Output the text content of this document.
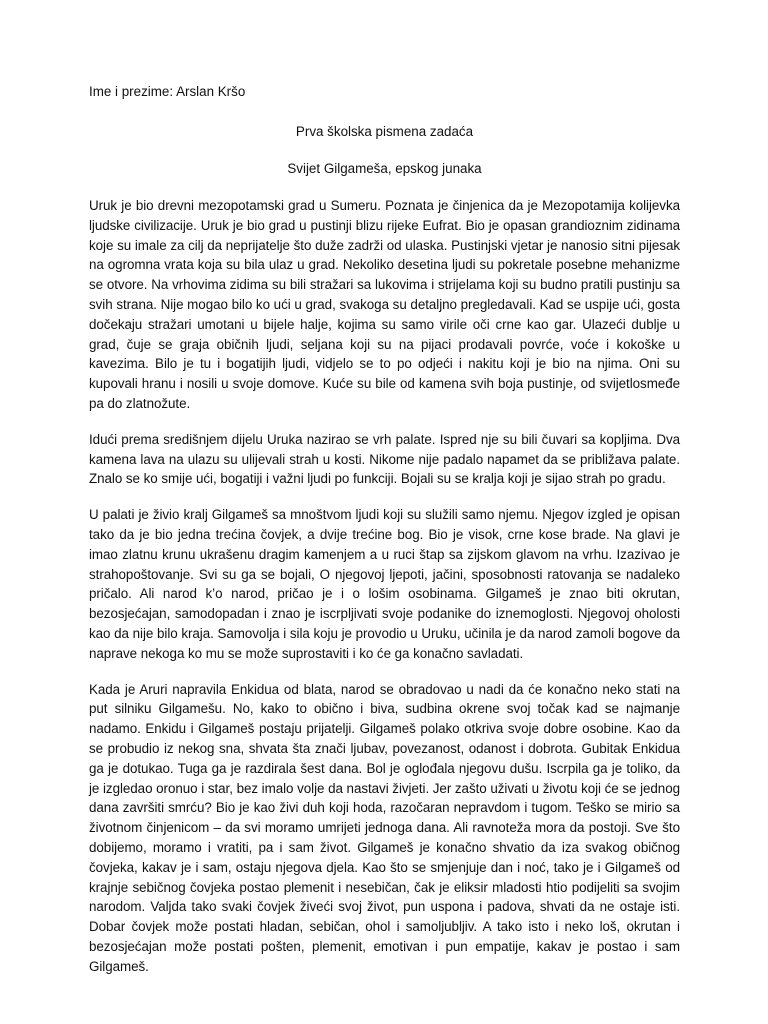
Ime i prezime: Arslan Kršo
Prva školska pismena zadaća
Svijet Gilgameša, epskog junaka

Uruk je bio drevni mezopotamski grad u Sumeru. Poznata je činjenica da je Mezopotamija kolijevka ljudske civilizacije. Uruk je bio grad u pustinji blizu rijeke Eufrat. Bio je opasan grandioznim zidinama koje su imale za cilj da neprijatelje što duže zadrži od ulaska. Pustinjski vjetar je nanosio sitni pijesak na ogromna vrata koja su bila ulaz u grad. Nekoliko desetina ljudi su pokretale posebne mehanizme se otvore. Na vrhovima zidima su bili stražari sa lukovima i strijelama koji su budno pratili pustinju sa svih strana. Nije mogao bilo ko ući u grad, svakoga su detaljno pregledavali. Kad se uspije ući, gosta dočekaju stražari umotani u bijele halje, kojima su samo virile oči crne kao gar. Ulazeći dublje u grad, čuje se graja običnih ljudi, seljana koji su na pijaci prodavali povrće, voće i kokoške u kavezima. Bilo je tu i bogatijih ljudi, vidjelo se to po odjeći i nakitu koji je bio na njima. Oni su kupovali hranu i nosili u svoje domove. Kuće su bile od kamena svih boja pustinje, od svijetlosmeđe pa do zlatnožute.

Idući prema središnjem dijelu Uruka nazirao se vrh palate. Ispred nje su bili čuvari sa kopljima. Dva kamena lava na ulazu su ulijevali strah u kosti. Nikome nije padalo napamet da se približava palate. Znalo se ko smije ući, bogatiji i važni ljudi po funkciji. Bojali su se kralja koji je sijao strah po gradu.

U palati je živio kralj Gilgameš sa mnoštvom ljudi koji su služili samo njemu. Njegov izgled je opisan tako da je bio jedna trećina čovjek, a dvije trećine bog. Bio je visok, crne kose brade. Na glavi je imao zlatnu krunu ukrašenu dragim kamenjem a u ruci štap sa zijskom glavom na vrhu. Izazivao je strahopoštovanje. Svi su ga se bojali, O njegovoj ljepoti, jačini, sposobnosti ratovanja se nadaleko pričalo. Ali narod k’o narod, pričao je i o lošim osobinama. Gilgameš je znao biti okrutan, bezosjećajan, samodopadan i znao je iscrpljivati svoje podanike do iznemoglosti. Njegovoj oholosti kao da nije bilo kraja. Samovolja i sila koju je provodio u Uruku, učinila je da narod zamoli bogove da naprave nekoga ko mu se može suprostaviti i ko će ga konačno savladati.

Kada je Aruri napravila Enkidua od blata, narod se obradovao u nadi da će konačno neko stati na put silniku Gilgamešu. No, kako to obično i biva, sudbina okrene svoj točak kad se najmanje nadamo. Enkidu i Gilgameš postaju prijatelji. Gilgameš polako otkriva svoje dobre osobine. Kao da se probudio iz nekog sna, shvata šta znači ljubav, povezanost, odanost i dobrota. Gubitak Enkidua ga je dotukao. Tuga ga je razdirala šest dana. Bol je oglođala njegovu dušu. Iscrpila ga je toliko, da je izgledao oronuo i star, bez imalo volje da nastavi živjeti. Jer zašto uživati u životu koji će se jednog dana završiti smrću? Bio je kao živi duh koji hoda, razočaran nepravdom i tugom. Teško se mirio sa životnom činjenicom – da svi moramo umrijeti jednoga dana. Ali ravnoteža mora da postoji. Sve što dobijemo, moramo i vratiti, pa i sam život. Gilgameš je konačno shvatio da iza svakog običnog čovjeka, kakav je i sam, ostaju njegova djela. Kao što se smjenjuje dan i noć, tako je i Gilgameš od krajnje sebičnog čovjeka postao plemenit i nesebičan, čak je eliksir mladosti htio podijeliti sa svojim narodom. Valjda tako svaki čovjek živeći svoj život, pun uspona i padova, shvati da ne ostaje isti. Dobar čovjek može postati hladan, sebičan, ohol i samoljubljiv. A tako isto i neko loš, okrutan i bezosjećajan može postati pošten, plemenit, emotivan i pun empatije, kakav je postao i sam Gilgameš.
